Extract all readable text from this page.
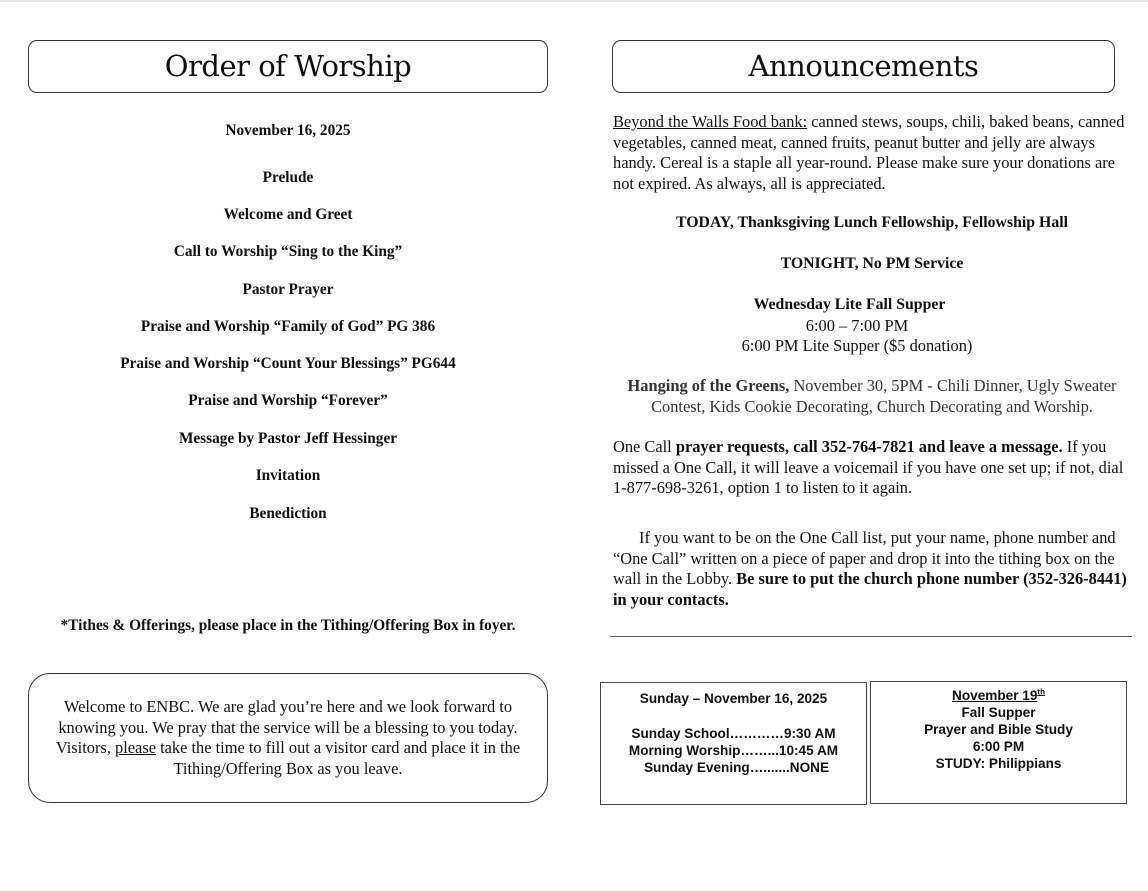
Order of Worship
November 16, 2025
Prelude
Welcome and Greet
Call to Worship “Sing to the King”
Pastor Prayer
Praise and Worship “Family of God” PG 386
Praise and Worship “Count Your Blessings” PG644
Praise and Worship “Forever”
Message by Pastor Jeff Hessinger
Invitation
Benediction
*Tithes & Offerings, please place in the Tithing/Offering Box in foyer.
Welcome to ENBC. We are glad you’re here and we look forward to knowing you. We pray that the service will be a blessing to you today. Visitors, please take the time to fill out a visitor card and place it in the Tithing/Offering Box as you leave.
Announcements
Beyond the Walls Food bank: canned stews, soups, chili, baked beans, canned vegetables, canned meat, canned fruits, peanut butter and jelly are always handy. Cereal is a staple all year-round. Please make sure your donations are not expired. As always, all is appreciated.
TODAY, Thanksgiving Lunch Fellowship, Fellowship Hall
TONIGHT, No PM Service
Wednesday Lite Fall Supper
6:00 – 7:00 PM
6:00 PM Lite Supper ($5 donation)
Hanging of the Greens, November 30, 5PM - Chili Dinner, Ugly Sweater Contest, Kids Cookie Decorating, Church Decorating and Worship.
One Call prayer requests, call 352-764-7821 and leave a message. If you missed a One Call, it will leave a voicemail if you have one set up; if not, dial 1-877-698-3261, option 1 to listen to it again.
If you want to be on the One Call list, put your name, phone number and “One Call” written on a piece of paper and drop it into the tithing box on the wall in the Lobby. Be sure to put the church phone number (352-326-8441) in your contacts.
Sunday – November 16, 2025
Sunday School…………9:30 AM
Morning Worship……...10:45 AM
Sunday Evening….......NONE
November 19th
Fall Supper
Prayer and Bible Study
6:00 PM
STUDY: Philippians
